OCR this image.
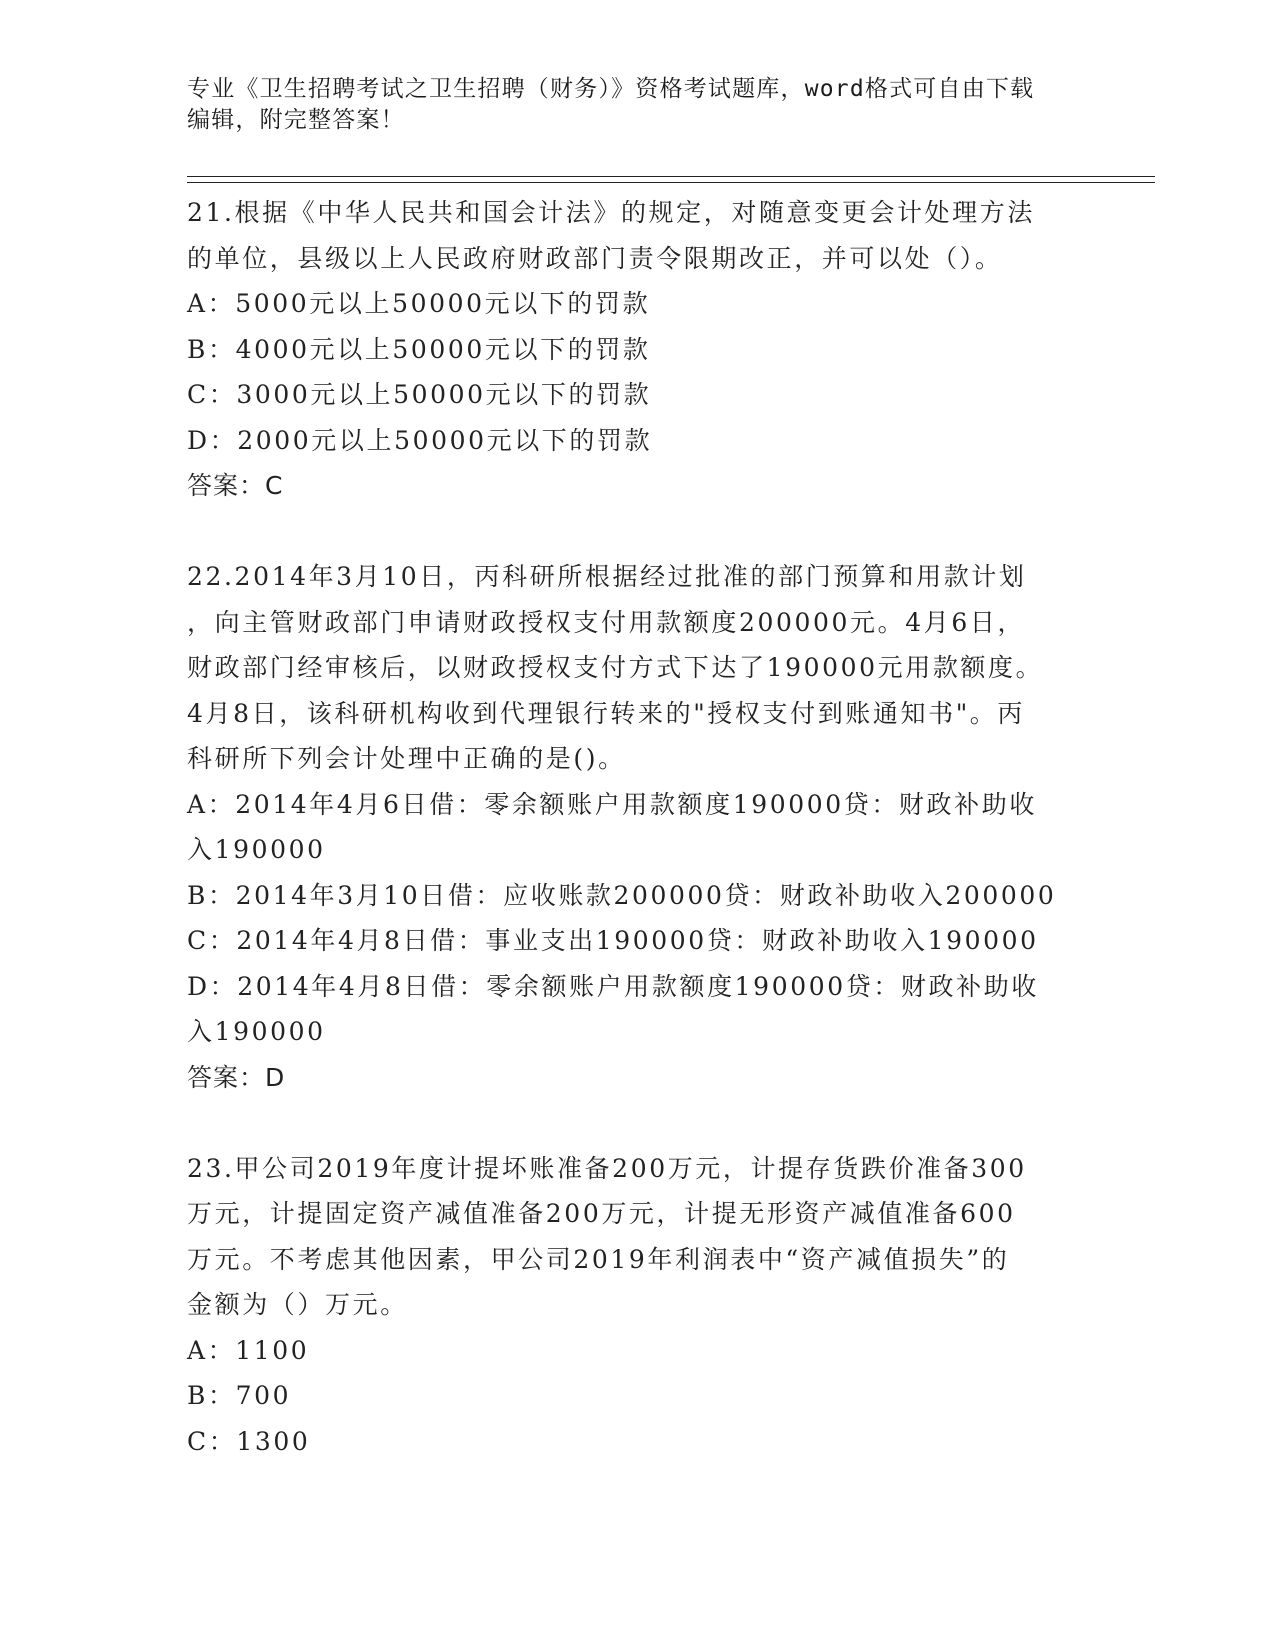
专业《卫生招聘考试之卫生招聘（财务）》资格考试题库，word格式可自由下载
编辑，附完整答案！
21.根据《中华人民共和国会计法》的规定，对随意变更会计处理方法
的单位，县级以上人民政府财政部门责令限期改正，并可以处（）。
A：5000元以上50000元以下的罚款
B：4000元以上50000元以下的罚款
C：3000元以上50000元以下的罚款
D：2000元以上50000元以下的罚款
答案：C
22.2014年3月10日，丙科研所根据经过批准的部门预算和用款计划
，向主管财政部门申请财政授权支付用款额度200000元。4月6日，
财政部门经审核后，以财政授权支付方式下达了190000元用款额度。
4月8日，该科研机构收到代理银行转来的"授权支付到账通知书"。丙
科研所下列会计处理中正确的是()。
A：2014年4月6日借：零余额账户用款额度190000贷：财政补助收
入190000
B：2014年3月10日借：应收账款200000贷：财政补助收入200000
C：2014年4月8日借：事业支出190000贷：财政补助收入190000
D：2014年4月8日借：零余额账户用款额度190000贷：财政补助收
入190000
答案：D
23.甲公司2019年度计提坏账准备200万元，计提存货跌价准备300
万元，计提固定资产减值准备200万元，计提无形资产减值准备600
万元。不考虑其他因素，甲公司2019年利润表中“资产减值损失”的
金额为（）万元。
A：1100
B：700
C：1300
